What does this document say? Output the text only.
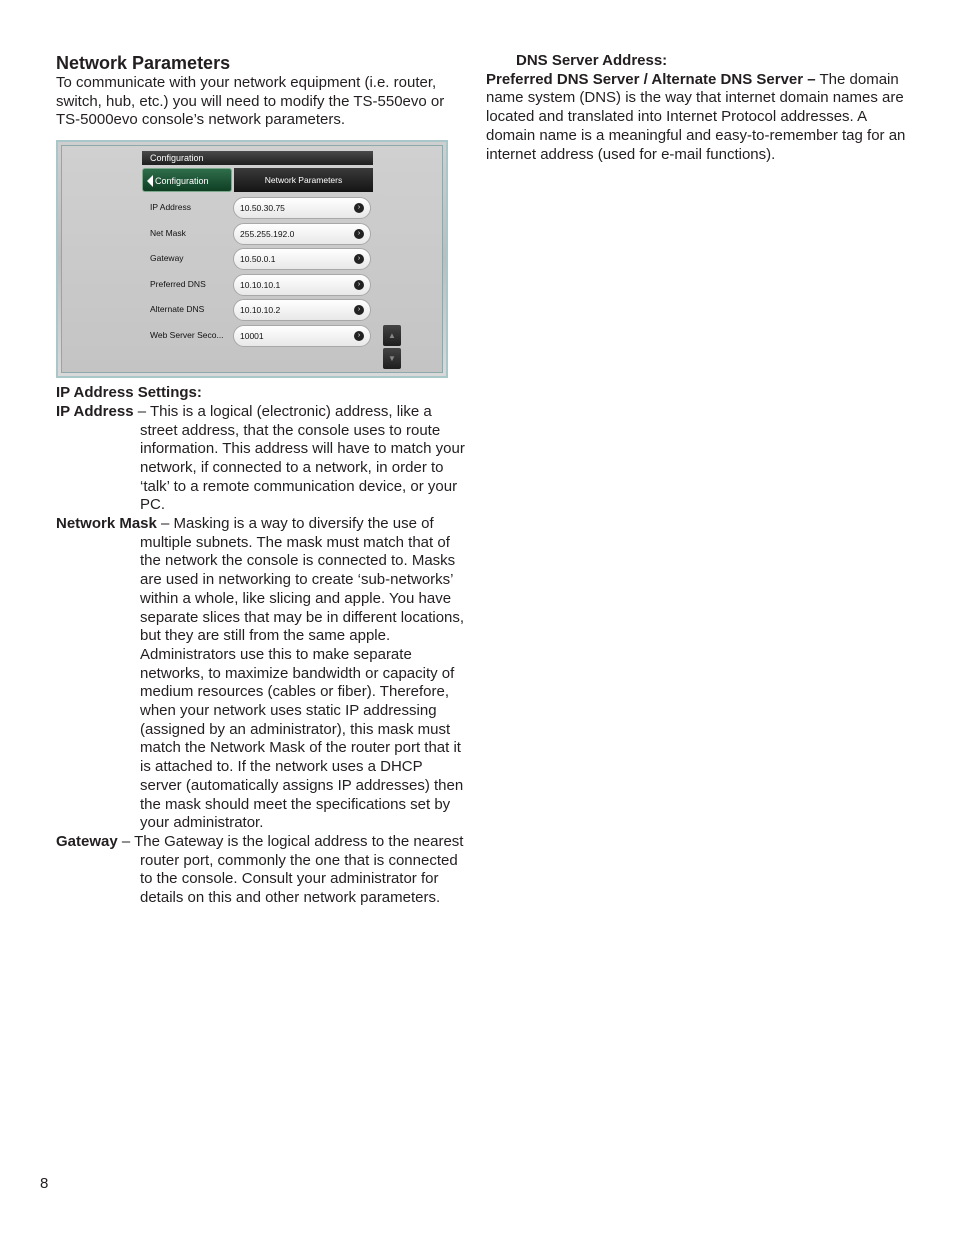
Network Parameters

To communicate with your network equipment (i.e. router, switch, hub, etc.) you will need to modify the TS-550evo or TS-5000evo console’s network parameters.

Configuration
Configuration	Network Parameters
IP Address	10.50.30.75	›
Net Mask	255.255.192.0	›
Gateway	10.50.0.1	›
Preferred DNS	10.10.10.1	›
Alternate DNS	10.10.10.2	›
Web Server Seco... 10001	›	▲
▼

IP Address Settings:

IP Address – This is a logical (electronic) address, like a street address, that the console uses to route information. This address will have to match your network, if connected to a network, in order to ‘talk’ to a remote communication device, or your PC.

Network Mask – Masking is a way to diversify the use of multiple subnets. The mask must match that of the network the console is connected to. Masks are used in networking to create ‘sub-networks’ within a whole, like slicing and apple. You have separate slices that may be in different locations, but they are still from the same apple. Administrators use this to make separate networks, to maximize bandwidth or capacity of medium resources (cables or fiber). Therefore, when your network uses static IP addressing (assigned by an administrator), this mask must match the Network Mask of the router port that it is attached to. If the network uses a DHCP server (automatically assigns IP addresses) then the mask should meet the specifications set by your administrator.

Gateway – The Gateway is the logical address to the nearest router port, commonly the one that is connected to the console. Consult your administrator for details on this and other network parameters.

DNS Server Address:

Preferred DNS Server / Alternate DNS Server – The domain name system (DNS) is the way that internet domain names are located and translated into Internet Protocol addresses. A domain name is a meaningful and easy-to-remember tag for an internet address (used for e-mail functions).

8
